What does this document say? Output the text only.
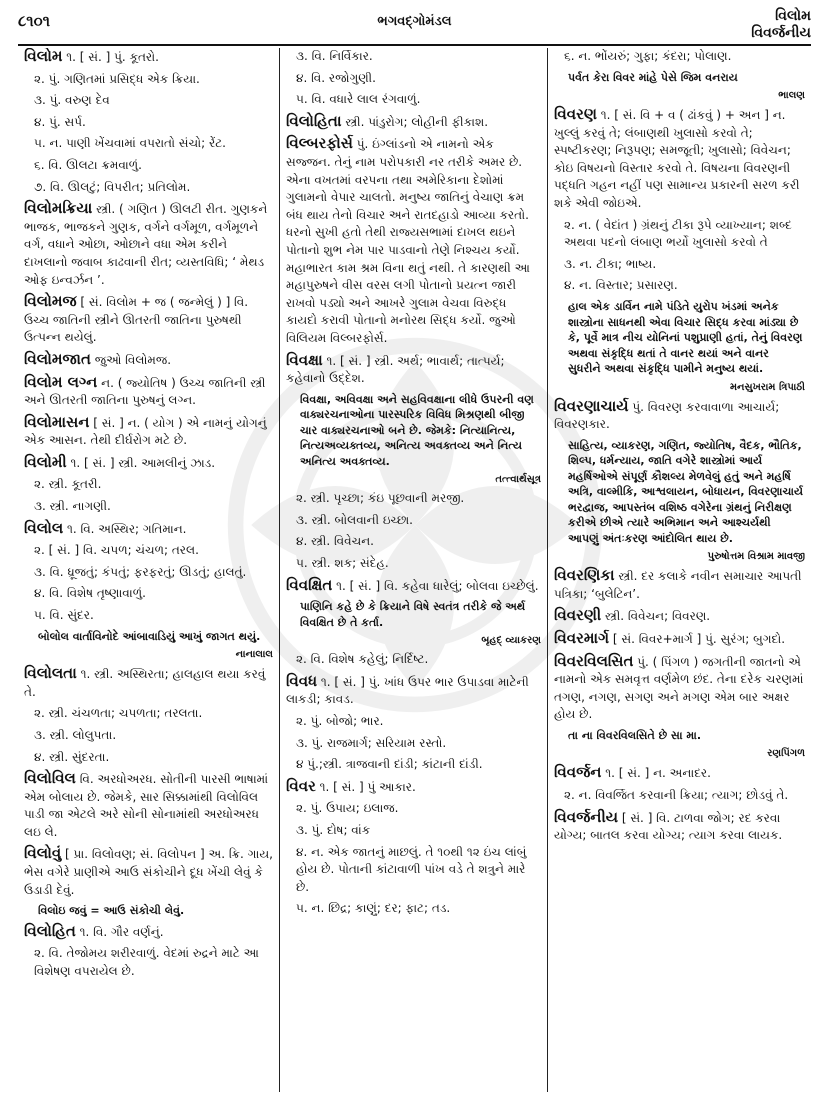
૮૧૦૧	ભગવદ્ગોમંડલ	વિલોમ
વિવર્જનીય
વિલોમ ૧. [ સં. ] પું. કૂતરો.
૨. પું. ગણિતમાં પ્રસિદ્ધ એક ક્રિયા.
૩. પું. વરુણ દેવ
૪. પું. સર્પ.
૫. ન. પાણી ખેંચવામાં વપરાતો સંચો; રેંટ.
૬. વિ. ઊલટા ક્રમવાળું.
૭. વિ. ઊલટું; વિપરીત; પ્રતિલોમ.
વિલોમક્રિયા સ્ત્રી. ( ગણિત ) ઊલટી રીત. ગુણકને ભાજક, ભાજકને ગુણક, વર્ગને વર્ગમૂળ, વર્ગમૂળને વર્ગ, વધાને ઓછા, ઓછાને વધા એમ કરીને દાખલાનો જવાબ કાઢવાની રીત; વ્યસ્તવિધિ; ‘ મેથડ ઓફ ઇન્વર્ઝન ’.
વિલોમજ [ સં. વિલોમ + જ ( જન્મેલું ) ] વિ. ઉચ્ચ જાતિની સ્ત્રીને ઊતરતી જાતિના પુરુષથી ઉત્પન્ન થયેલું.
વિલોમજાત જુઓ વિલોમજ.
વિલોમ લગ્ન ન. ( જ્યોતિષ ) ઉચ્ચ જાતિની સ્ત્રી અને ઊતરતી જાતિના પુરુષનું લગ્ન.
વિલોમાસન [ સં. ] ન. ( યોગ ) એ નામનું યોગનું એક આસન. તેથી દીર્ઘરોગ મટે છે.
વિલોમી ૧. [ સં. ] સ્ત્રી. આમલીનું ઝાડ.
૨. સ્ત્રી. કૂતરી.
૩. સ્ત્રી. નાગણી.
વિલોલ ૧. વિ. અસ્થિર; ગતિમાન.
૨. [ સં. ] વિ. ચપળ; ચંચળ; તરલ.
૩. વિ. ધ્રૂજતું; કંપતું; ફરફરતું; ઊડતું; હાલતું.
૪. વિ. વિશેષ તૃષ્ણાવાળું.
૫. વિ. સુંદર.
બોલોલ વાર્તાવિનોદે આંબાવાડિયું આખું જાગત થયું.
નાનાલાલ
વિલોલતા ૧. સ્ત્રી. અસ્થિરતા; હાલહાલ થયા કરવું તે.
૨. સ્ત્રી. ચંચળતા; ચપળતા; તરલતા.
૩. સ્ત્રી. લોલુપતા.
૪. સ્ત્રી. સુંદરતા.
વિલોવિલ વિ. અરધોઅરધ. સોતીની પારસી ભાષામાં એમ બોલાય છે. જેમકે, સાર સિક્કામાંથી વિલોવિલ પાડી જા એટલે અરે સોની સોનામાંથી અરધોઅરધ લઇ લે.
વિલોવું [ પ્રા. વિલોવણ; સં. વિલોપન ] અ. ક્રિ. ગાય, ભેસ વગેરે પ્રાણીએ આઉ સંકોચીને દૂધ ખેંચી લેવું કે ઉડાડી દેવું.
વિલોઇ જવું = આઉ સંકોચી લેવું.
વિલોહિત ૧. વિ. ગૌર વર્ણનું.
૨. વિ. તેજોમય શરીરવાળું. વેદમાં રુદ્રને માટે આ વિશેષણ વપરાયેલ છે.
૩. વિ. નિર્વિકાર.
૪. વિ. રજોગુણી.
૫. વિ. વધારે લાલ રંગવાળું.
વિલોહિતા સ્ત્રી. પાંડુરોગ; લોહીની ફીકાશ.
વિલ્બરફોર્સ પું. ઇંગ્લાંડનો એ નામનો એક સજ્જન. તેનું નામ પરોપકારી નર તરીકે અમર છે. એના વખતમાં વરપના તથા અમેરિકાના દેશોમાં ગુલામનો વેપાર ચાલતો. મનુષ્ય જાતિનું વેચાણ ક્રમ બંધ થાય તેનો વિચાર અને રાતદહાડો આવ્યા કરતો. ધરનો સુખી હતો તેથી રાજ્યસભામાં દાખલ થઇને પોતાનો શુભ નેમ પાર પાડવાનો તેણે નિશ્ચય કર્યો. મહાભારત કામ શ્રમ વિના થતું નથી. તે કારણથી આ મહાપુરુષને વીસ વરસ લગી પોતાનો પ્રયત્ન જારી રાખવો પડ્યો અને આખરે ગુલામ વેચવા વિરુદ્ધ કાયદો કરાવી પોતાનો મનોરથ સિદ્ધ કર્યો. જુઓ વિલિયમ વિલ્બરફોર્સ.
વિવક્ષા ૧. [ સં. ] સ્ત્રી. અર્થ; ભાવાર્થ; તાત્પર્ય; કહેવાનો ઉદ્દેશ.
વિવક્ષા, અવિવક્ષા અને સહવિવક્ષાના લીધે ઉપરની વણ વાક્યરચનાઓના પારસ્પરિક વિવિધ મિશ્રણથી બીજી ચાર વાક્યરચનાઓ બને છે. જેમકે: નિત્યાનિત્ય, નિત્યઅવ્યક્તવ્ય, અનિત્ય અવક્તવ્ય અને નિત્ય અનિત્ય અવક્તવ્ય.
તત્ત્વાર્થસૂત્ર
૨. સ્ત્રી. પૃચ્છા; કંઇ પૂછવાની મરજી.
૩. સ્ત્રી. બોલવાની ઇચ્છા.
૪. સ્ત્રી. વિવેચન.
૫. સ્ત્રી. શક; સંદેહ.
વિવક્ષિત ૧. [ સં. ] વિ. કહેવા ધારેલું; બોલવા ઇચ્છેલું.
પાણિનિ કહે છે કે ક્રિયાને વિષે સ્વતંત્ર તરીકે જે અર્થ વિવક્ષિત છે તે કર્તા.
બૃહદ્ વ્યાકરણ
૨. વિ. વિશેષ કહેલું; નિર્દિષ્ટ.
વિવધ ૧. [ સં. ] પું. ખાંધ ઉપર ભાર ઉપાડવા માટેની લાકડી; કાવડ.
૨. પું. બોજો; ભાર.
૩. પું. રાજમાર્ગ; સરિયામ રસ્તો.
૪ પું.;સ્ત્રી. ત્રાજવાની દાંડી; કાંટાની દાંડી.
વિવર ૧. [ સં. ] પું આકાર.
૨. પું. ઉપાય; ઇલાજ.
૩. પું. દોષ; વાંક
૪. ન. એક જાતનું માછલું. તે ૧૦થી ૧૨ ઇંચ લાંબું હોય છે. પોતાની કાંટાવાળી પાંખ વડે તે શત્રુને મારે છે.
૫. ન. છિદ્ર; કાણું; દર; ફાટ; તડ.
૬. ન. ભોંયરું; ગુફા; કંદરા; પોલાણ.
પર્વત કેરા વિવર માંહે પેસે જિમ વનરાય
ભાલણ
વિવરણ ૧. [ સં. વિ + વ ( ઢાંકવું ) + અન ] ન. ખુલ્લું કરવું તે; લંબાણથી ખુલાસો કરવો તે; સ્પષ્ટીકરણ; નિરૂપણ; સમજૂતી; ખુલાસો; વિવેચન; કોઇ વિષયનો વિસ્તાર કરવો તે. વિષયના વિવરણની પદ્ધતિ ગહન નહીં પણ સામાન્ય પ્રકારની સરળ કરી શકે એવી જોઇએ.
૨. ન. ( વેદાંત ) ગ્રંથનું ટીકા રૂપે વ્યાખ્યાન; શબ્દ અથવા પદનો લંબાણ ભર્યો ખુલાસો કરવો તે
૩. ન. ટીકા; ભાષ્ય.
૪. ન. વિસ્તાર; પ્રસારણ.
હાલ એક ડાર્વિન નામે પંડિતે યુરોપ ખંડમાં અનેક શાસ્ત્રોના સાધનથી એવા વિચાર સિદ્ધ કરવા માંડ્યા છે કે, પૂર્વે માત્ર નીચ યોનિનાં પશુપ્રાણી હતાં, તેનું વિવરણ અથવા સંકૃદ્ધિ થતાં તે વાનર થયાં અને વાનર સુધરીને અથવા સંકૃદ્ધિ પામીને મનુષ્ય થયાં.
મનસુખરામ ત્રિપાઠી
વિવરણાચાર્ય પું. વિવરણ કરવાવાળા આચાર્ય; વિવરણકાર.
સાહિત્ય, વ્યાકરણ, ગણિત, જ્યોતિષ, વૈદક, ભૌતિક, શિલ્પ, ધર્મન્યાય, જાતિ વગેરે શાસ્ત્રોમાં આર્ય મહર્ષિઓએ સંપૂર્ણ કૌશલ્ય મેળવેલું હતું અને મહર્ષિ અત્રિ, વાલ્મીકિ, આશ્વલાયન, બોધાયન, વિવરણાચાર્ય ભરદ્વાજ, આપસ્તંબ વશિષ્ઠ વગેરેના ગ્રંથનું નિરીક્ષણ કરીએ છીએ ત્યારે અભિમાન અને આશ્ચર્યથી આપણું અંતઃકરણ આંદોલિત થાય છે.
પુરુષોત્તમ વિશ્રામ માવજી
વિવરણિકા સ્ત્રી. દર કલાકે નવીન સમાચાર આપતી પત્રિકા; ‘બુલેટિન’.
વિવરણી સ્ત્રી. વિવેચન; વિવરણ.
વિવરમાર્ગ [ સં. વિવર+માર્ગ ] પું. સુરંગ; બુગદો.
વિવરવિલસિત પું. ( પિંગળ ) જગતીની જાતનો એ નામનો એક સમવૃત્ત વર્ણમેળ છંદ. તેના દરેક ચરણમાં તગણ, નગણ, સગણ અને મગણ એમ બાર અક્ષર હોય છે.
તા ના વિવરવિલસિતે છે સા મા.
રણપિંગળ
વિવર્જન ૧. [ સં. ] ન. અનાદર.
૨. ન. વિવર્જિત કરવાની ક્રિયા; ત્યાગ; છોડવું તે.
વિવર્જનીય [ સં. ] વિ. ટાળવા જોગ; રદ કરવા યોગ્ય; બાતલ કરવા યોગ્ય; ત્યાગ કરવા લાયક.
